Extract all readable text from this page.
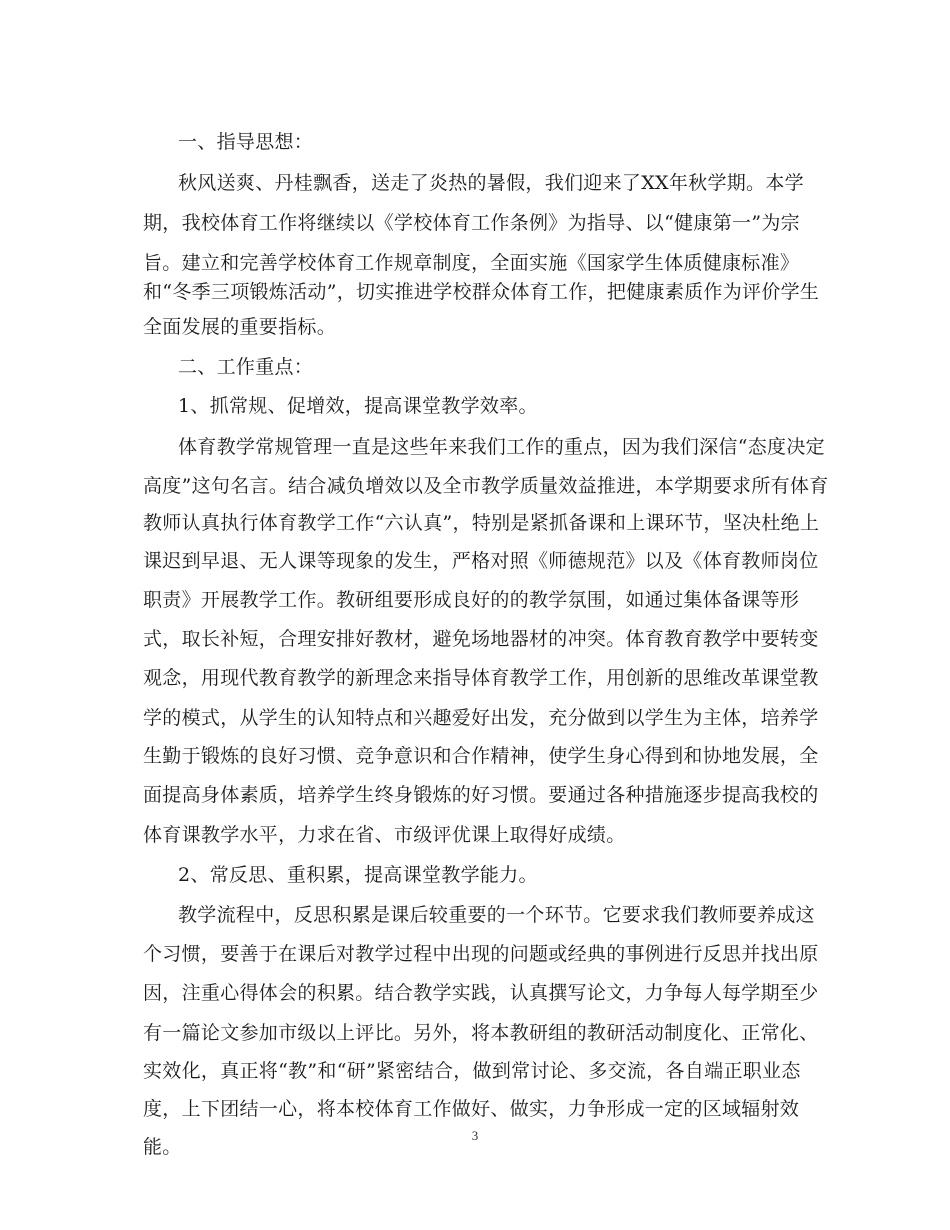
一、指导思想：
秋风送爽、丹桂飘香，送走了炎热的暑假，我们迎来了XX年秋学期。本学
期，我校体育工作将继续以《学校体育工作条例》为指导、以“健康第一”为宗
旨。建立和完善学校体育工作规章制度，全面实施《国家学生体质健康标准》
和“冬季三项锻炼活动”，切实推进学校群众体育工作，把健康素质作为评价学生
全面发展的重要指标。
二、工作重点：
1、抓常规、促增效，提高课堂教学效率。
体育教学常规管理一直是这些年来我们工作的重点，因为我们深信“态度决定
高度”这句名言。结合减负增效以及全市教学质量效益推进，本学期要求所有体育
教师认真执行体育教学工作“六认真”，特别是紧抓备课和上课环节，坚决杜绝上
课迟到早退、无人课等现象的发生，严格对照《师德规范》以及《体育教师岗位
职责》开展教学工作。教研组要形成良好的的教学氛围，如通过集体备课等形
式，取长补短，合理安排好教材，避免场地器材的冲突。体育教育教学中要转变
观念，用现代教育教学的新理念来指导体育教学工作，用创新的思维改革课堂教
学的模式，从学生的认知特点和兴趣爱好出发，充分做到以学生为主体，培养学
生勤于锻炼的良好习惯、竞争意识和合作精神，使学生身心得到和协地发展，全
面提高身体素质，培养学生终身锻炼的好习惯。要通过各种措施逐步提高我校的
体育课教学水平，力求在省、市级评优课上取得好成绩。
2、常反思、重积累，提高课堂教学能力。
教学流程中，反思积累是课后较重要的一个环节。它要求我们教师要养成这
个习惯，要善于在课后对教学过程中出现的问题或经典的事例进行反思并找出原
因，注重心得体会的积累。结合教学实践，认真撰写论文，力争每人每学期至少
有一篇论文参加市级以上评比。另外，将本教研组的教研活动制度化、正常化、
实效化，真正将“教”和“研”紧密结合，做到常讨论、多交流，各自端正职业态
度，上下团结一心，将本校体育工作做好、做实，力争形成一定的区域辐射效
能。
3
